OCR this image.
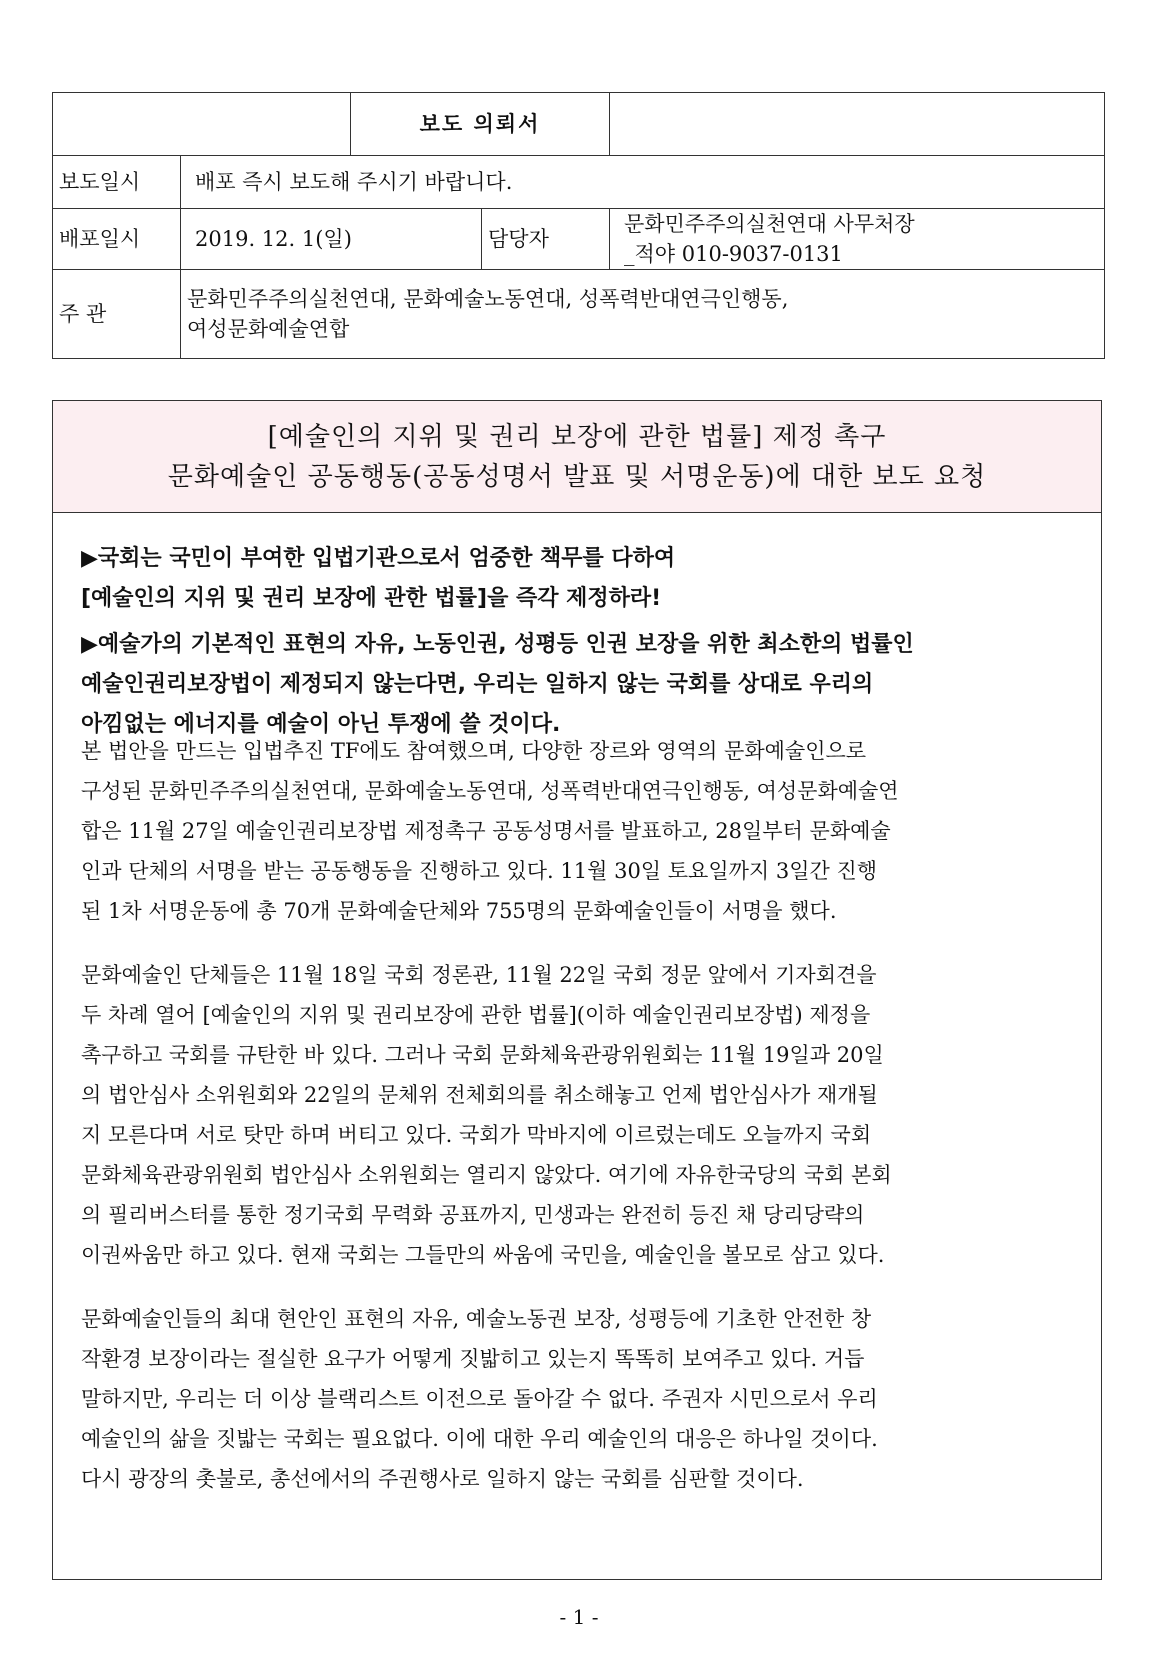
		보도 의뢰서		
보도일시	배포 즉시 보도해 주시기 바랍니다.			
배포일시	2019. 12. 1(일)		담당자	문화민주주의실천연대 사무처장
_적야 010-9037-0131

주 관	문화민주주의실천연대, 문화예술노동연대, 성폭력반대연극인행동,
여성문화예술연합			
[예술인의 지위 및 권리 보장에 관한 법률] 제정 촉구
문화예술인 공동행동(공동성명서 발표 및 서명운동)에 대한 보도 요청
▶국회는 국민이 부여한 입법기관으로서 엄중한 책무를 다하여
[예술인의 지위 및 권리 보장에 관한 법률]을 즉각 제정하라!
▶예술가의 기본적인 표현의 자유, 노동인권, 성평등 인권 보장을 위한 최소한의 법률인
예술인권리보장법이 제정되지 않는다면, 우리는 일하지 않는 국회를 상대로 우리의
아낌없는 에너지를 예술이 아닌 투쟁에 쓸 것이다.
본 법안을 만드는 입법추진 TF에도 참여했으며, 다양한 장르와 영역의 문화예술인으로
구성된 문화민주주의실천연대, 문화예술노동연대, 성폭력반대연극인행동, 여성문화예술연
합은 11월 27일 예술인권리보장법 제정촉구 공동성명서를 발표하고, 28일부터 문화예술
인과 단체의 서명을 받는 공동행동을 진행하고 있다. 11월 30일 토요일까지 3일간 진행
된 1차 서명운동에 총 70개 문화예술단체와 755명의 문화예술인들이 서명을 했다.
문화예술인 단체들은 11월 18일 국회 정론관, 11월 22일 국회 정문 앞에서 기자회견을
두 차례 열어 [예술인의 지위 및 권리보장에 관한 법률](이하 예술인권리보장법) 제정을
촉구하고 국회를 규탄한 바 있다. 그러나 국회 문화체육관광위원회는 11월 19일과 20일
의 법안심사 소위원회와 22일의 문체위 전체회의를 취소해놓고 언제 법안심사가 재개될
지 모른다며 서로 탓만 하며 버티고 있다. 국회가 막바지에 이르렀는데도 오늘까지 국회
문화체육관광위원회 법안심사 소위원회는 열리지 않았다. 여기에 자유한국당의 국회 본회
의 필리버스터를 통한 정기국회 무력화 공표까지, 민생과는 완전히 등진 채 당리당략의
이권싸움만 하고 있다. 현재 국회는 그들만의 싸움에 국민을, 예술인을 볼모로 삼고 있다.
문화예술인들의 최대 현안인 표현의 자유, 예술노동권 보장, 성평등에 기초한 안전한 창
작환경 보장이라는 절실한 요구가 어떻게 짓밟히고 있는지 똑똑히 보여주고 있다. 거듭
말하지만, 우리는 더 이상 블랙리스트 이전으로 돌아갈 수 없다. 주권자 시민으로서 우리
예술인의 삶을 짓밟는 국회는 필요없다. 이에 대한 우리 예술인의 대응은 하나일 것이다.
다시 광장의 촛불로, 총선에서의 주권행사로 일하지 않는 국회를 심판할 것이다.
- 1 -
